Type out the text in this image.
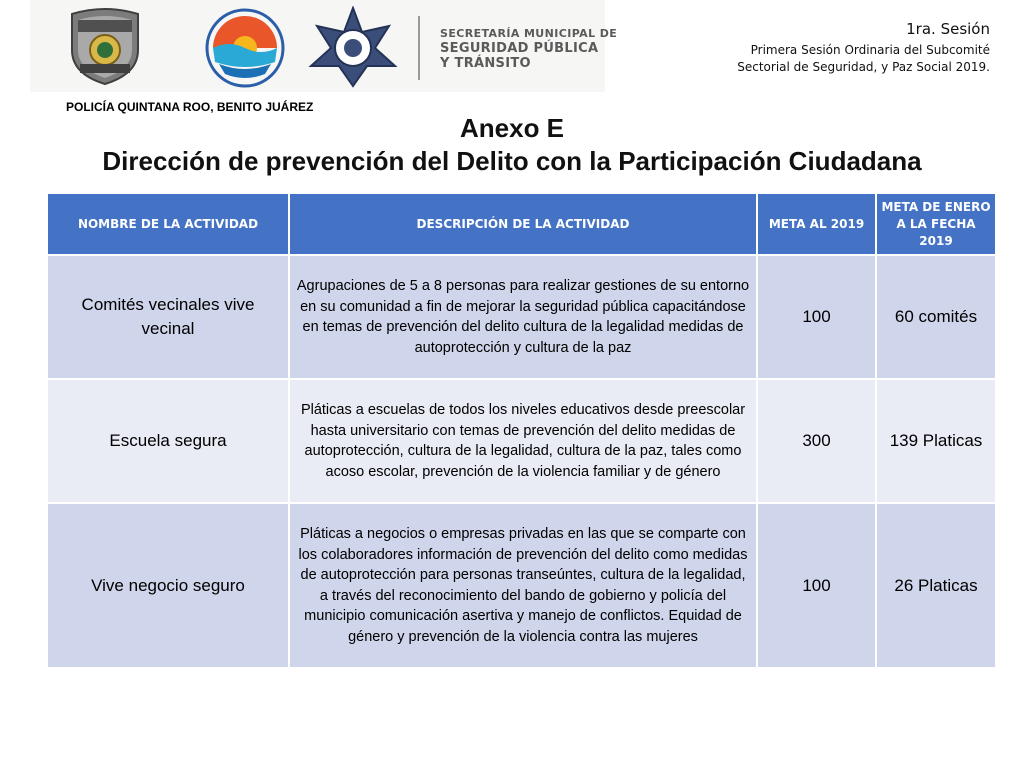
SECRETARÍA MUNICIPAL DE
SEGURIDAD PÚBLICA
Y TRÁNSITO
1ra. Sesión
Primera Sesión Ordinaria del Subcomité
Sectorial de Seguridad, y Paz Social 2019.
POLICÍA QUINTANA ROO, BENITO JUÁREZ
Anexo E
Dirección de prevención del Delito con la Participación Ciudadana
NOMBRE DE LA ACTIVIDAD	DESCRIPCIÓN DE LA ACTIVIDAD	META AL 2019	META DE ENERO A LA FECHA 2019
Comités vecinales vive vecinal	Agrupaciones de 5 a 8 personas para realizar gestiones de su entorno en su comunidad a fin de mejorar la seguridad pública capacitándose en temas de prevención del delito cultura de la legalidad medidas de autoprotección y cultura de la paz	100	60 comités
Escuela segura	Pláticas a escuelas de todos los niveles educativos desde preescolar hasta universitario con temas de prevención del delito medidas de autoprotección, cultura de la legalidad, cultura de la paz, tales como acoso escolar, prevención de la violencia familiar y de género	300	139 Platicas
Vive negocio seguro	Pláticas a negocios o empresas privadas en las que se comparte con los colaboradores información de prevención del delito como medidas de autoprotección para personas transeúntes, cultura de la legalidad, a través del reconocimiento del bando de gobierno y policía del municipio comunicación asertiva y manejo de conflictos. Equidad de género y prevención de la violencia contra las mujeres	100	26 Platicas
